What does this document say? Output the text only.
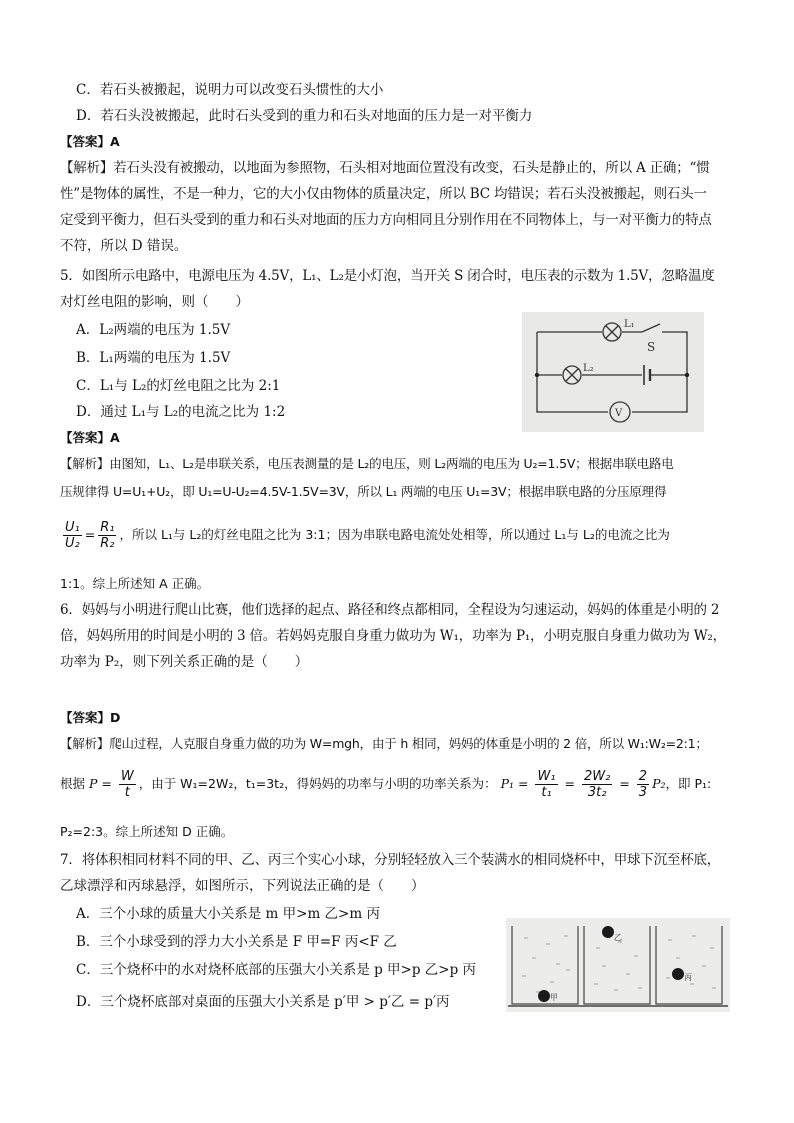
C．若石头被搬起，说明力可以改变石头惯性的大小
D．若石头没被搬起，此时石头受到的重力和石头对地面的压力是一对平衡力
【答案】A
【解析】若石头没有被搬动，以地面为参照物，石头相对地面位置没有改变，石头是静止的，所以 A 正确；“惯
性”是物体的属性，不是一种力，它的大小仅由物体的质量决定，所以 BC 均错误；若石头没被搬起，则石头一
定受到平衡力，但石头受到的重力和石头对地面的压力方向相同且分别作用在不同物体上，与一对平衡力的特点
不符，所以 D 错误。
5．如图所示电路中，电源电压为 4.5V，L₁、L₂是小灯泡，当开关 S 闭合时，电压表的示数为 1.5V，忽略温度
对灯丝电阻的影响，则（　　）
A．L₂两端的电压为 1.5V
B．L₁两端的电压为 1.5V
C．L₁与 L₂的灯丝电阻之比为 2:1
D．通过 L₁与 L₂的电流之比为 1:2
L₁
L₂
S
V
【答案】A
【解析】由图知，L₁、L₂是串联关系，电压表测量的是 L₂的电压，则 L₂两端的电压为 U₂=1.5V；根据串联电路电
压规律得 U=U₁+U₂，即 U₁=U-U₂=4.5V-1.5V=3V，所以 L₁ 两端的电压 U₁=3V；根据串联电路的分压原理得
$\frac{\text{U₁}}{\text{U₂}} = \frac{\text{R₁}}{\text{R₂}}$ ，所以 L₁与 L₂的灯丝电阻之比为 3:1；因为串联电路电流处处相等，所以通过 L₁与 L₂的电流之比为
1:1。综上所述知 A 正确。
6．妈妈与小明进行爬山比赛，他们选择的起点、路径和终点都相同，全程设为匀速运动，妈妈的体重是小明的 2
倍，妈妈所用的时间是小明的 3 倍。若妈妈克服自身重力做功为 W₁，功率为 P₁，小明克服自身重力做功为 W₂，
功率为 P₂，则下列关系正确的是（　　）
【答案】D
【解析】爬山过程，人克服自身重力做的功为 W=mgh，由于 h 相同，妈妈的体重是小明的 2 倍，所以 W₁:W₂=2:1；
根据 $P = \frac{W}{t}$ ，由于 W₁=2W₂，t₁=3t₂，得妈妈的功率与小明的功率关系为： $P_1 = \frac{\text{W₁}}{\text{t₁}} = \frac{\text{2W₂}}{\text{3t₂}} = \frac{2}{3} P_2$，即 P₁:
P₂=2:3。综上所述知 D 正确。
7．将体积相同材料不同的甲、乙、丙三个实心小球，分别轻轻放入三个装满水的相同烧杯中，甲球下沉至杯底，
乙球漂浮和丙球悬浮，如图所示，下列说法正确的是（　　）
A．三个小球的质量大小关系是 m 甲>m 乙>m 丙
B．三个小球受到的浮力大小关系是 F 甲=F 丙<F 乙
C．三个烧杯中的水对烧杯底部的压强大小关系是 p 甲>p 乙>p 丙
D．三个烧杯底部对桌面的压强大小关系是 p′甲 > p′乙 = p′丙	甲
乙
丙
